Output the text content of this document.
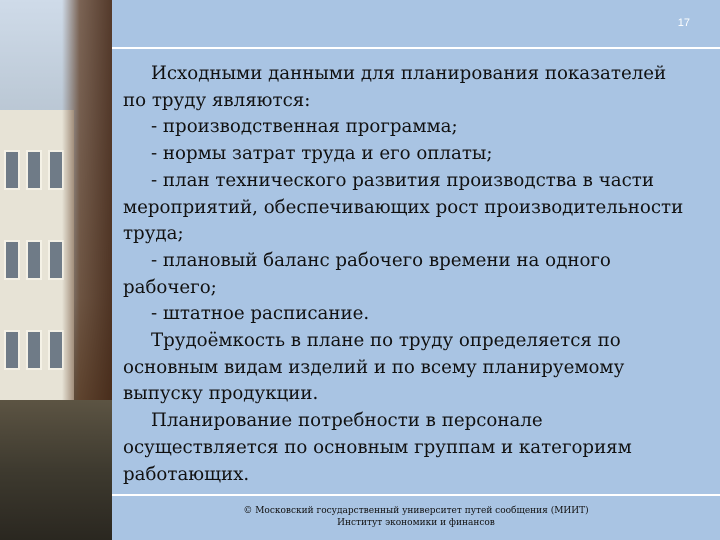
17

Исходными данными для планирования показателей по труду являются:

- производственная программа;

- нормы затрат труда и его оплаты;

- план технического развития производства в части мероприятий, обеспечивающих рост производительности труда;

- плановый баланс рабочего времени на одного рабочего;

- штатное расписание.

Трудоёмкость в плане по труду определяется по основным видам изделий и по всему планируемому выпуску продукции.

Планирование потребности в персонале осуществляется по основным группам и категориям работающих.

© Московский государственный университет путей сообщения (МИИТ)
Институт экономики и финансов
